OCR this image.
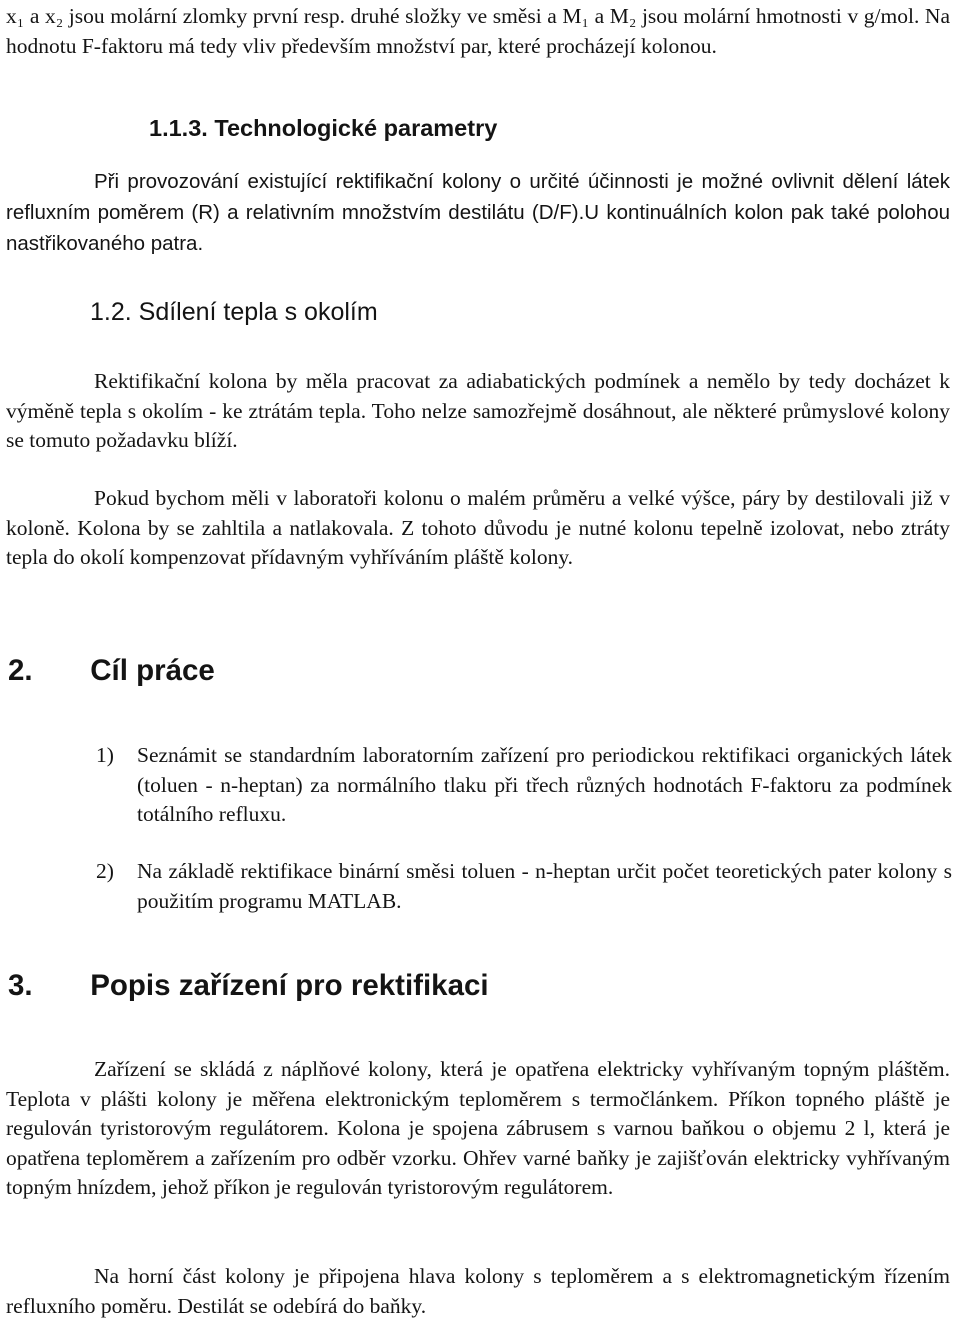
x₁ a x₂ jsou molární zlomky první resp. druhé složky ve směsi a M₁ a M₂ jsou molární hmotnosti v g/mol. Na hodnotu F-faktoru má tedy vliv především množství par, které procházejí kolonou.

1.1.3. Technologické parametry

Při provozování existující rektifikační kolony o určité účinnosti je možné ovlivnit dělení látek refluxním poměrem (R) a relativním množstvím destilátu (D/F).U kontinuálních kolon pak také polohou nastřikovaného patra.

1.2. Sdílení tepla s okolím

Rektifikační kolona by měla pracovat za adiabatických podmínek a nemělo by tedy docházet k výměně tepla s okolím - ke ztrátám tepla. Toho nelze samozřejmě dosáhnout, ale některé průmyslové kolony se tomuto požadavku blíží.

Pokud bychom měli v laboratoři kolonu o malém průměru a velké výšce, páry by destilovali již v koloně. Kolona by se zahltila a natlakovala. Z tohoto důvodu je nutné kolonu tepelně izolovat, nebo ztráty tepla do okolí kompenzovat přídavným vyhříváním pláště kolony.

2. Cíl práce
1) Seznámit se standardním laboratorním zařízení pro periodickou rektifikaci organických látek (toluen - n-heptan) za normálního tlaku při třech různých hodnotách F-faktoru za podmínek totálního refluxu.
2) Na základě rektifikace binární směsi toluen - n-heptan určit počet teoretických pater kolony s použitím programu MATLAB.
3. Popis zařízení pro rektifikaci

Zařízení se skládá z náplňové kolony, která je opatřena elektricky vyhřívaným topným pláštěm. Teplota v plášti kolony je měřena elektronickým teploměrem s termočlánkem. Příkon topného pláště je regulován tyristorovým regulátorem. Kolona je spojena zábrusem s varnou baňkou o objemu 2 l, která je opatřena teploměrem a zařízením pro odběr vzorku. Ohřev varné baňky je zajišťován elektricky vyhřívaným topným hnízdem, jehož příkon je regulován tyristorovým regulátorem.

Na horní část kolony je připojena hlava kolony s teploměrem a s elektromagnetickým řízením refluxního poměru. Destilát se odebírá do baňky.
